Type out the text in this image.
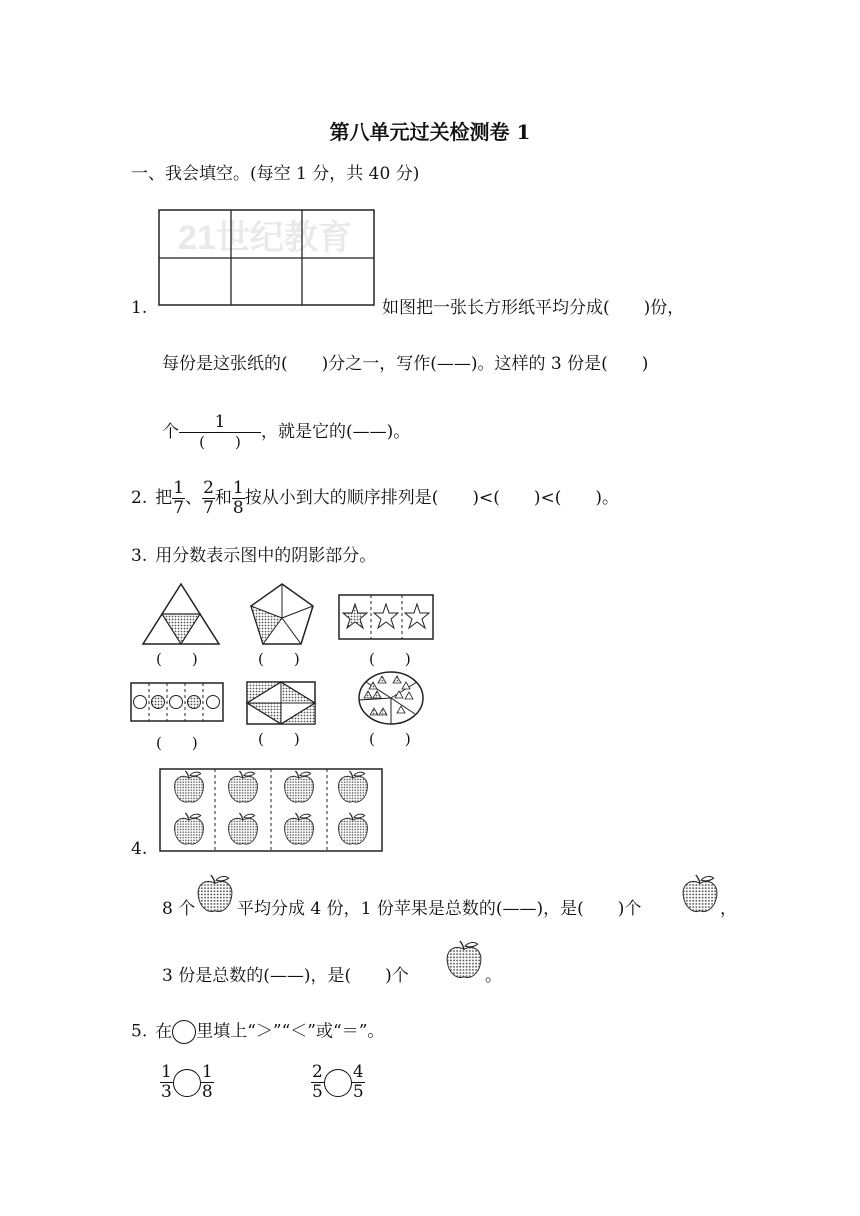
第八单元过关检测卷 1
一、我会填空。(每空 1 分，共 40 分)
21世纪教育
1.	如图把一张长方形纸平均分成(　　)份，
每份是这张纸的(　　)分之一，写作(——)。这样的 3 份是(　　)
个 $\frac{1}{( )}$ ，就是它的(——)。
2. 把 $\frac{1}{7}$ 、 $\frac{2}{7}$ 和 $\frac{1}{8}$ 按从小到大的顺序排列是(　　)<(　　)<(　　)。
3. 用分数表示图中的阴影部分。
(　　)	(　　)	(　　)
(　　)	(　　)	(　　)
4.
8 个 平均分成 4 份，1 份苹果是总数的(——)，是(　　)个	，
3 份是总数的(——)，是(　　)个	。
5. 在 里填上“＞”“＜”或“＝”。
$\frac{1}{3} \frac{1}{8}$	$\frac{2}{5} \frac{4}{5}$
